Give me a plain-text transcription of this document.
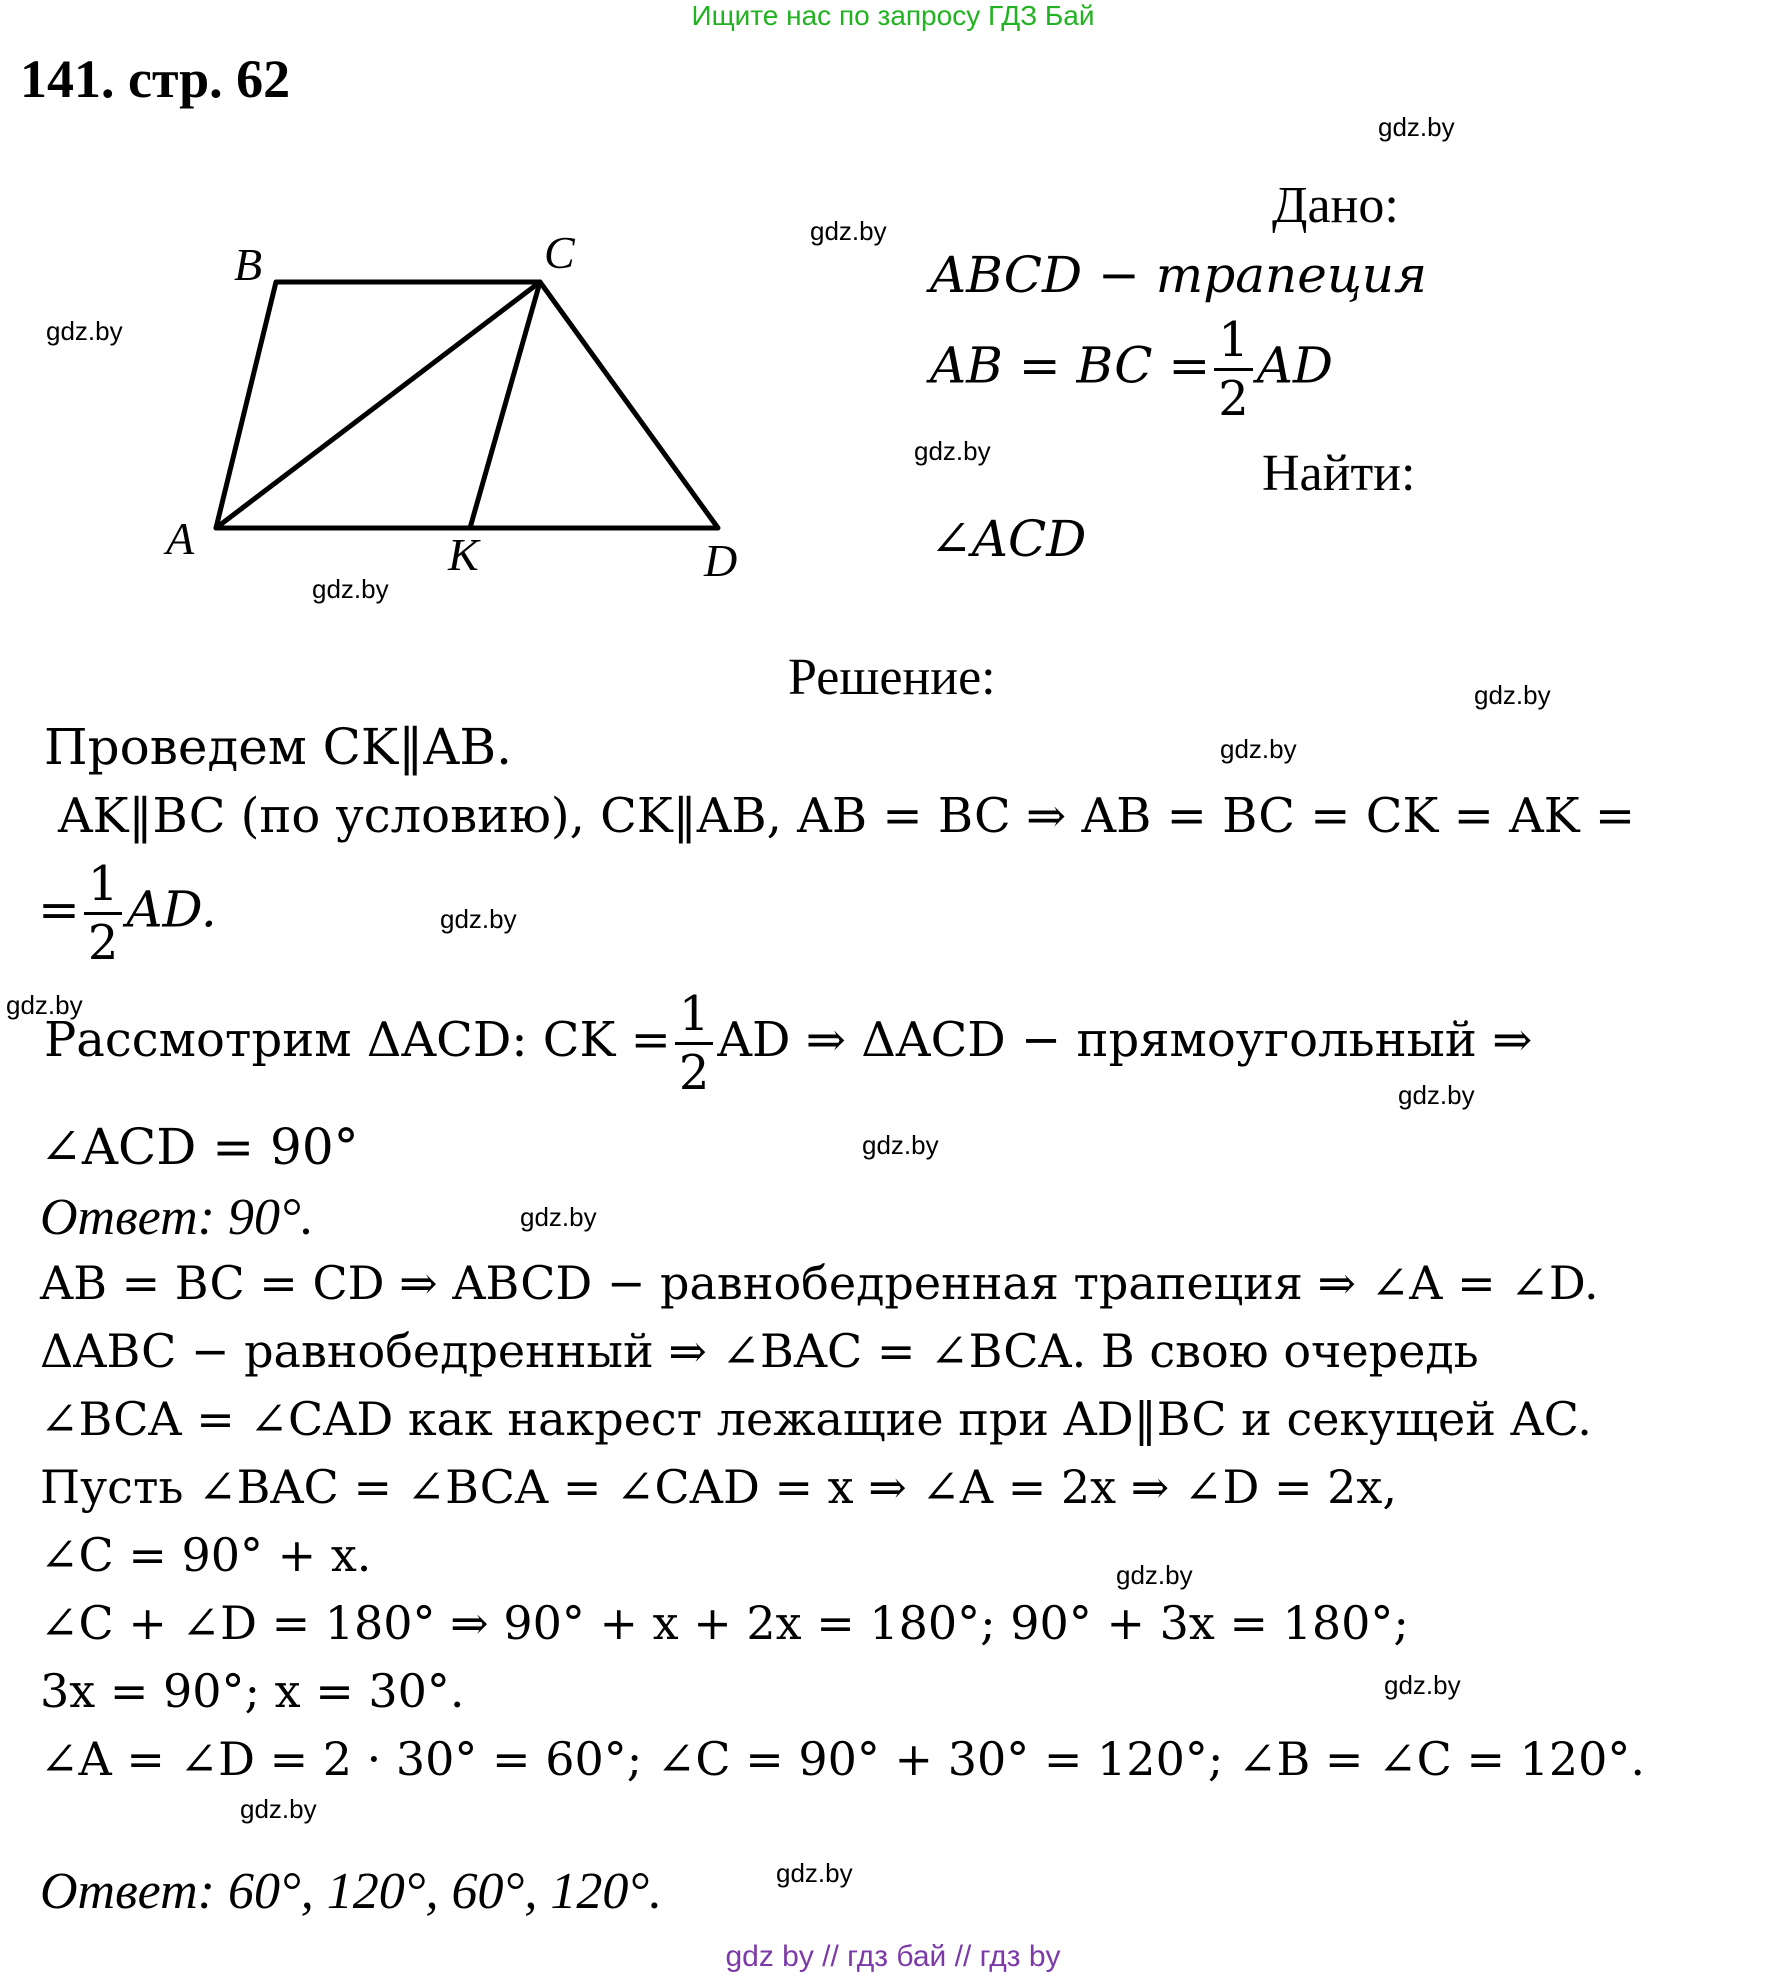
Ищите нас по запросу ГДЗ Бай
141. стр. 62
gdz.by
gdz.by
gdz.by
gdz.by
gdz.by
gdz.by
gdz.by
gdz.by
gdz.by
gdz.by
gdz.by
gdz.by
gdz.by
gdz.by
gdz.by
gdz.by
B	C
A	K	D
Дано:
ABCD − трапеция
AB = BC = $\frac{1}{2}$ AD
Найти:
∠ACD
Решение:
Проведем CK‖AB.
AK‖BC (по условию), CK‖AB, AB = BC ⇒ AB = BC = CK = AK =
= $\frac{1}{2}$ AD.
Рассмотрим ΔACD: CK = $\frac{1}{2}$ AD ⇒ ΔACD − прямоугольный ⇒
∠ACD = 90°
Ответ: 90°.
AB = BC = CD ⇒ ABCD − равнобедренная трапеция ⇒ ∠A = ∠D.
ΔABC − равнобедренный ⇒ ∠BAC = ∠BCA. В свою очередь
∠BCA = ∠CAD как накрест лежащие при AD‖BC и секущей AC.
Пусть ∠BAC = ∠BCA = ∠CAD = x ⇒ ∠A = 2x ⇒ ∠D = 2x,
∠C = 90° + x.
∠C + ∠D = 180° ⇒ 90° + x + 2x = 180°; 90° + 3x = 180°;
3x = 90°; x = 30°.
∠A = ∠D = 2 · 30° = 60°; ∠C = 90° + 30° = 120°; ∠B = ∠C = 120°.
Ответ: 60°, 120°, 60°, 120°.
gdz by // гдз бай // гдз by
